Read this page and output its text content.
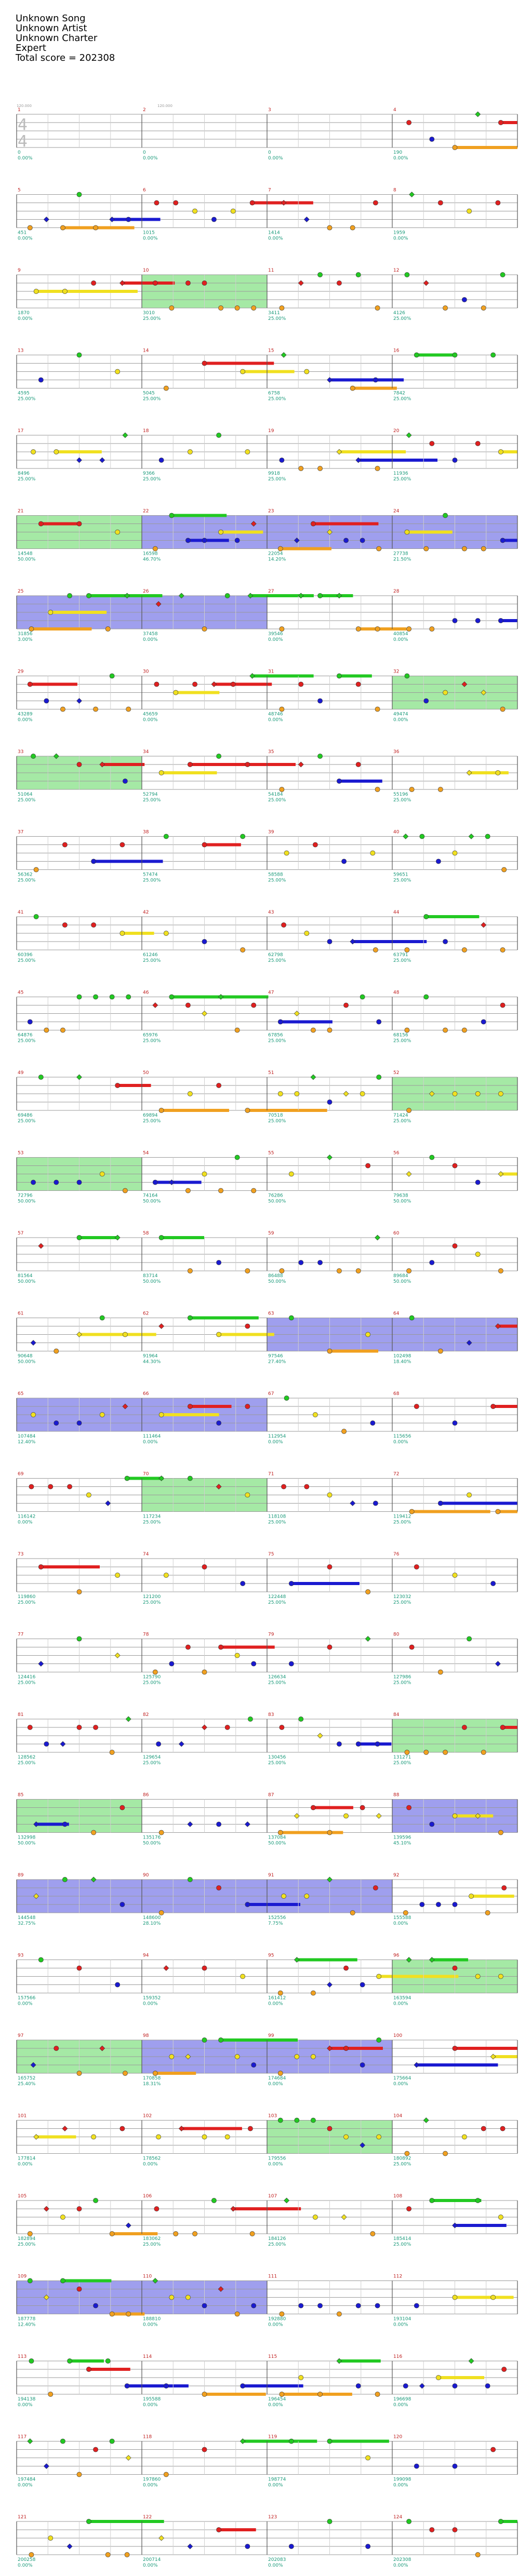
Unknown Song
Unknown Artist
Unknown Charter
Expert
Total score = 202308
1
0
0.00%
2
0
0.00%
3
0
0.00%
4
190
0.00%
5
451
0.00%
6
1015
0.00%
7
1414
0.00%
8
1959
0.00%
9
1870
0.00%
10
3010
25.00%
11
3411
25.00%
12
4126
25.00%
13
4595
25.00%
14
5045
25.00%
15
6758
25.00%
16
7842
25.00%
17
8496
25.00%
18
9366
25.00%
19
9918
25.00%
20
11936
25.00%
21
14548
50.00%
22
16598
46.70%
23
22054
14.20%
24
27738
21.50%
25
31856
3.00%
26
37458
0.00%
27
39546
0.00%
28
40854
0.00%
29
43289
0.00%
30
45659
0.00%
31
48746
0.00%
32
49474
0.00%
33
51064
25.00%
34
52794
25.00%
35
54184
25.00%
36
55196
25.00%
37
56362
25.00%
38
57474
25.00%
39
58588
25.00%
40
59651
25.00%
41
60396
25.00%
42
61246
25.00%
43
62798
25.00%
44
63791
25.00%
45
64876
25.00%
46
65976
25.00%
47
67856
25.00%
48
68156
25.00%
49
69486
25.00%
50
69894
25.00%
51
70518
25.00%
52
71424
25.00%
53
72796
50.00%
54
74164
50.00%
55
76286
50.00%
56
79638
50.00%
57
81564
50.00%
58
83714
50.00%
59
86488
50.00%
60
89684
50.00%
61
90648
50.00%
62
91964
44.30%
63
97546
27.40%
64
102498
18.40%
65
107484
12.40%
66
111464
0.00%
67
112954
0.00%
68
115656
0.00%
69
116142
0.00%
70
117234
25.00%
71
118108
25.00%
72
119412
25.00%
73
119860
25.00%
74
121200
25.00%
75
122448
25.00%
76
123032
25.00%
77
124416
25.00%
78
125790
25.00%
79
126634
25.00%
80
127986
25.00%
81
128562
25.00%
82
129654
25.00%
83
130456
25.00%
84
131271
25.00%
85
132998
50.00%
86
135176
50.00%
87
137084
50.00%
88
139596
45.10%
89
144548
32.75%
90
148600
28.10%
91
152556
7.75%
92
155588
0.00%
93
157566
0.00%
94
159352
0.00%
95
161412
0.00%
96
163594
0.00%
97
165752
25.40%
98
170858
18.31%
99
174684
0.00%
100
175664
0.00%
101
177814
0.00%
102
178562
0.00%
103
179556
0.00%
104
180892
25.00%
105
182894
25.00%
106
183062
25.00%
107
184126
25.00%
108
185414
25.00%
109
187778
12.40%
110
188810
0.00%
111
192880
0.00%
112
193104
0.00%
113
194138
0.00%
114
195588
0.00%
115
196454
0.00%
116
196698
0.00%
117
197484
0.00%
118
197860
0.00%
119
198774
0.00%
120
199098
0.00%
121
200258
0.00%
122
200714
0.00%
123
202083
0.00%
124
202308
0.00%
4
4
120.000	120.000
